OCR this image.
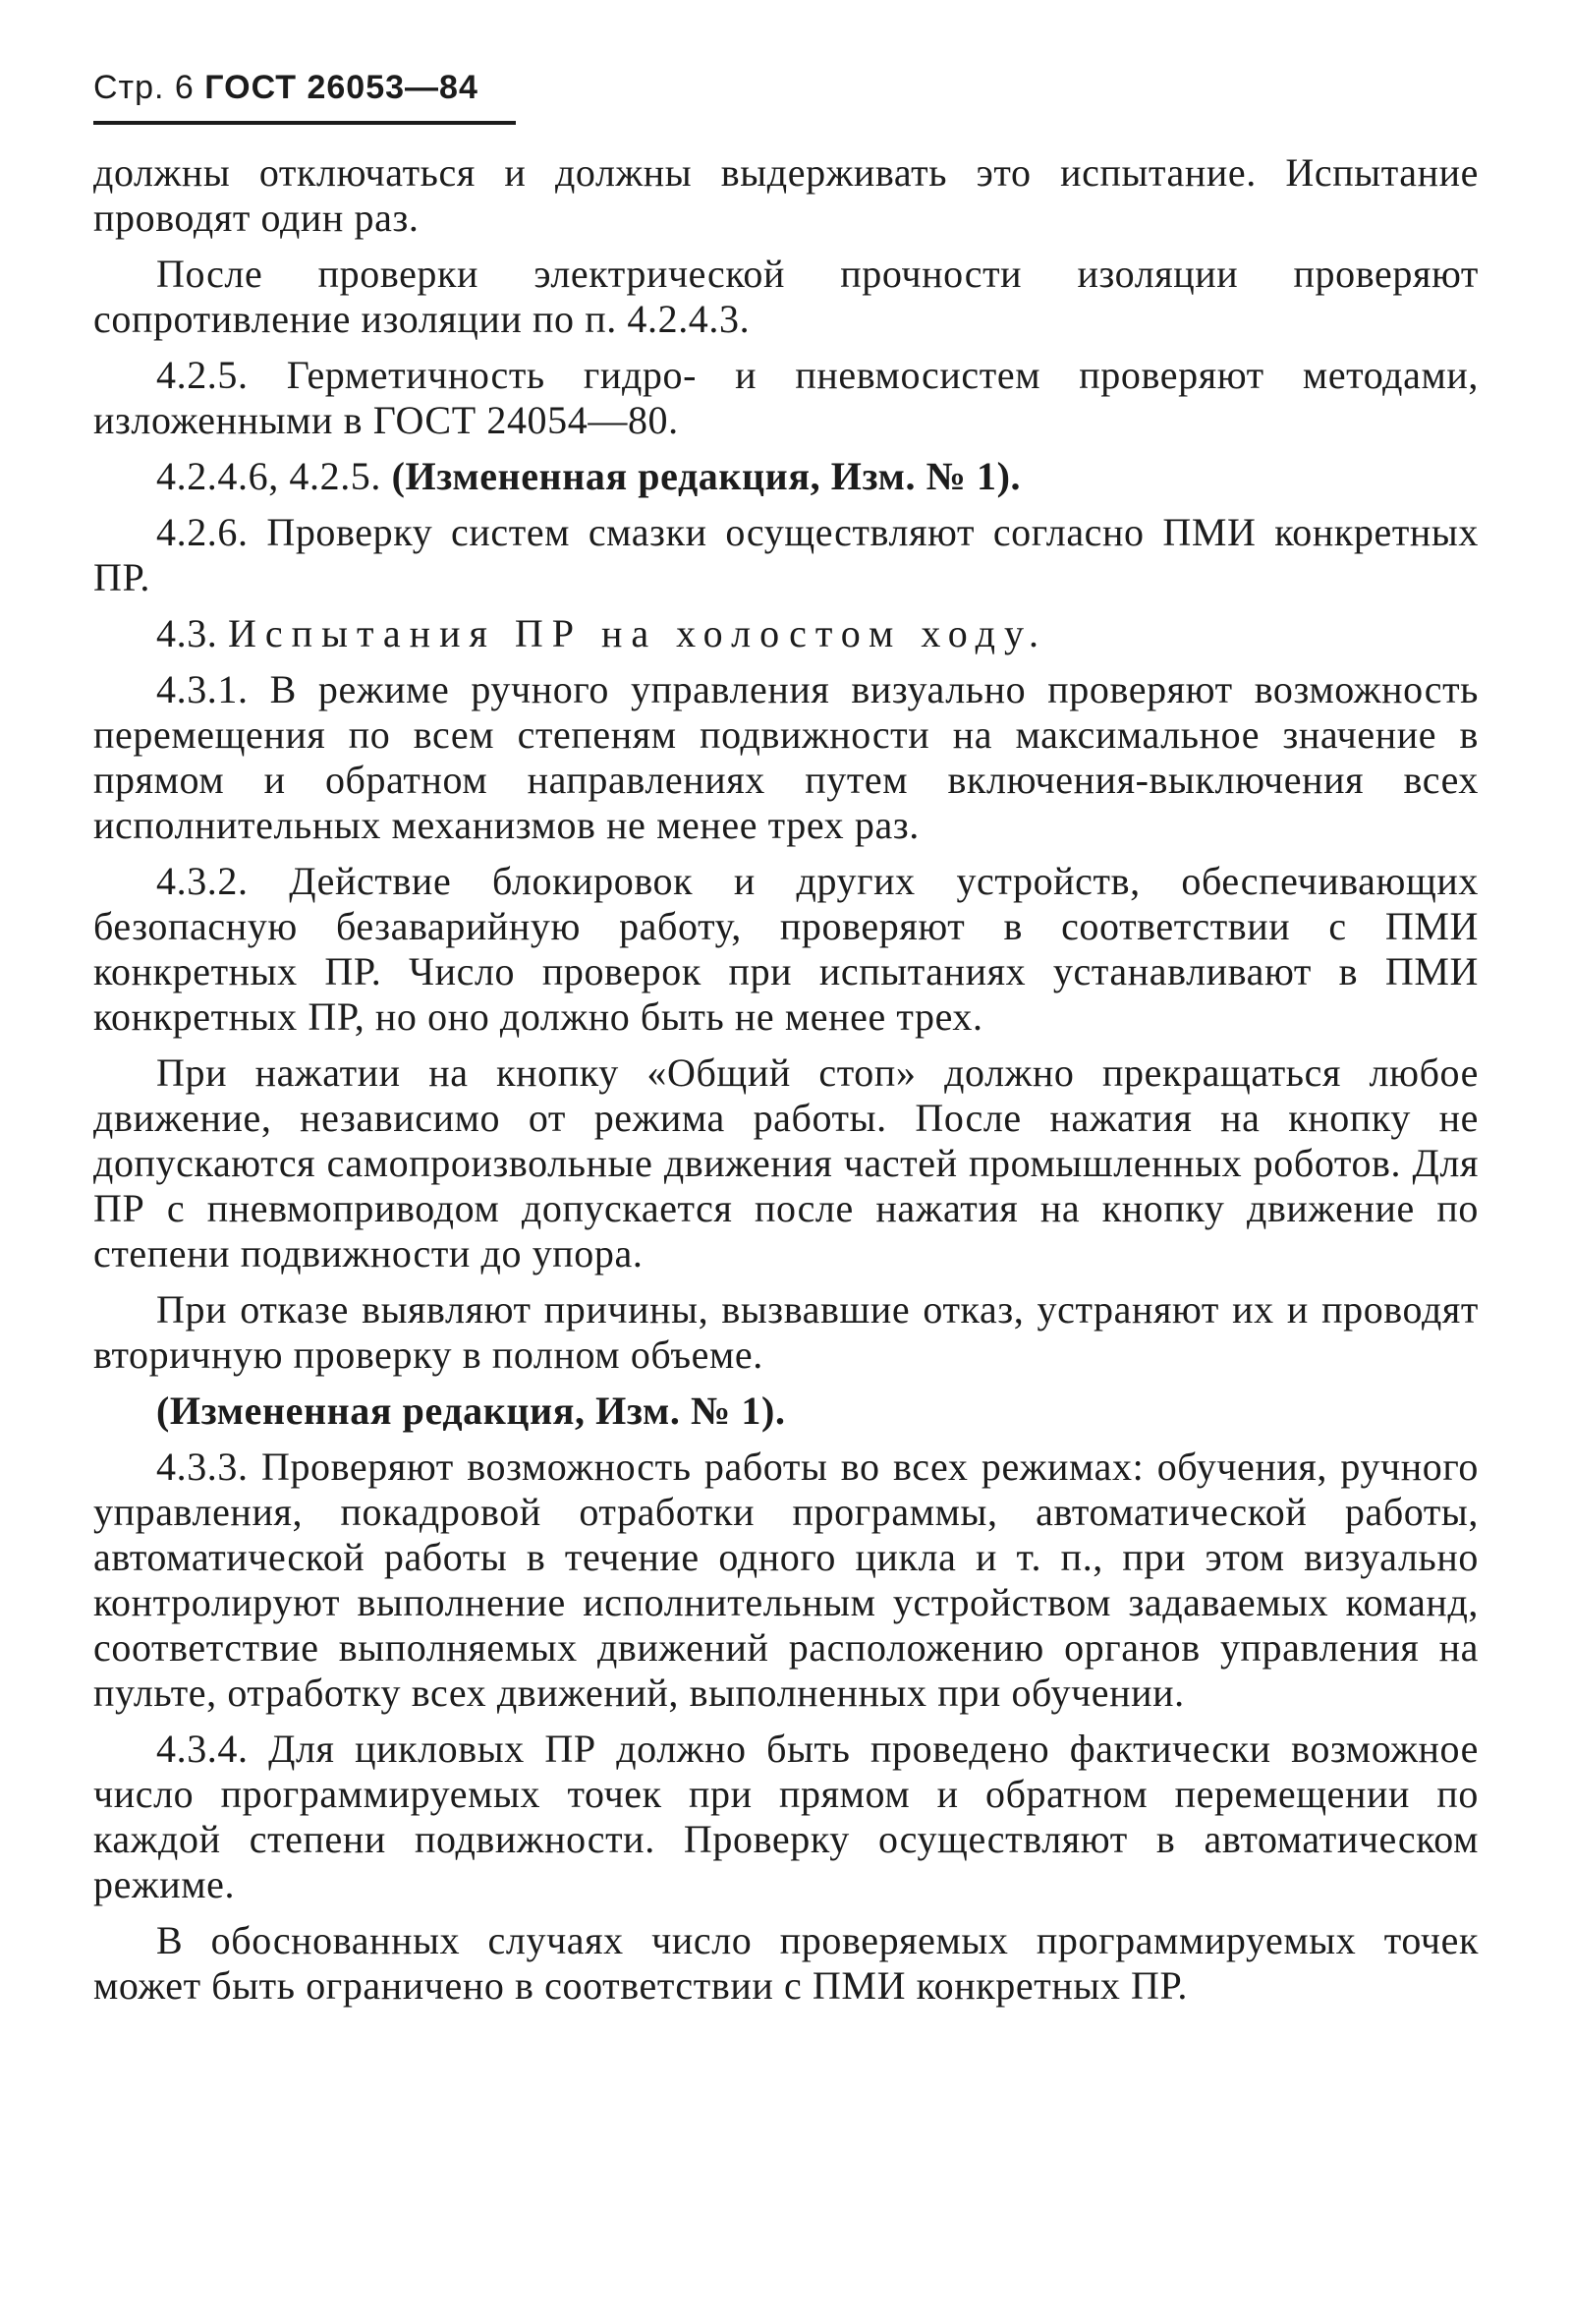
Стр. 6 ГОСТ 26053—84

должны отключаться и должны выдерживать это испытание. Испытание проводят один раз.

После проверки электрической прочности изоляции проверяют сопротивление изоляции по п. 4.2.4.3.

4.2.5. Герметичность гидро- и пневмосистем проверяют методами, изложенными в ГОСТ 24054—80.

4.2.4.6, 4.2.5. (Измененная редакция, Изм. № 1).

4.2.6. Проверку систем смазки осуществляют согласно ПМИ конкретных ПР.

4.3. Испытания ПР на холостом ходу.

4.3.1. В режиме ручного управления визуально проверяют возможность перемещения по всем степеням подвижности на максимальное значение в прямом и обратном направлениях путем включения-выключения всех исполнительных механизмов не менее трех раз.

4.3.2. Действие блокировок и других устройств, обеспечивающих безопасную безаварийную работу, проверяют в соответствии с ПМИ конкретных ПР. Число проверок при испытаниях устанавливают в ПМИ конкретных ПР, но оно должно быть не менее трех.

При нажатии на кнопку «Общий стоп» должно прекращаться любое движение, независимо от режима работы. После нажатия на кнопку не допускаются самопроизвольные движения частей промышленных роботов. Для ПР с пневмоприводом допускается после нажатия на кнопку движение по степени подвижности до упора.

При отказе выявляют причины, вызвавшие отказ, устраняют их и проводят вторичную проверку в полном объеме.

(Измененная редакция, Изм. № 1).

4.3.3. Проверяют возможность работы во всех режимах: обучения, ручного управления, покадровой отработки программы, автоматической работы, автоматической работы в течение одного цикла и т. п., при этом визуально контролируют выполнение исполнительным устройством задаваемых команд, соответствие выполняемых движений расположению органов управления на пульте, отработку всех движений, выполненных при обучении.

4.3.4. Для цикловых ПР должно быть проведено фактически возможное число программируемых точек при прямом и обратном перемещении по каждой степени подвижности. Проверку осуществляют в автоматическом режиме.

В обоснованных случаях число проверяемых программируемых точек может быть ограничено в соответствии с ПМИ конкретных ПР.
